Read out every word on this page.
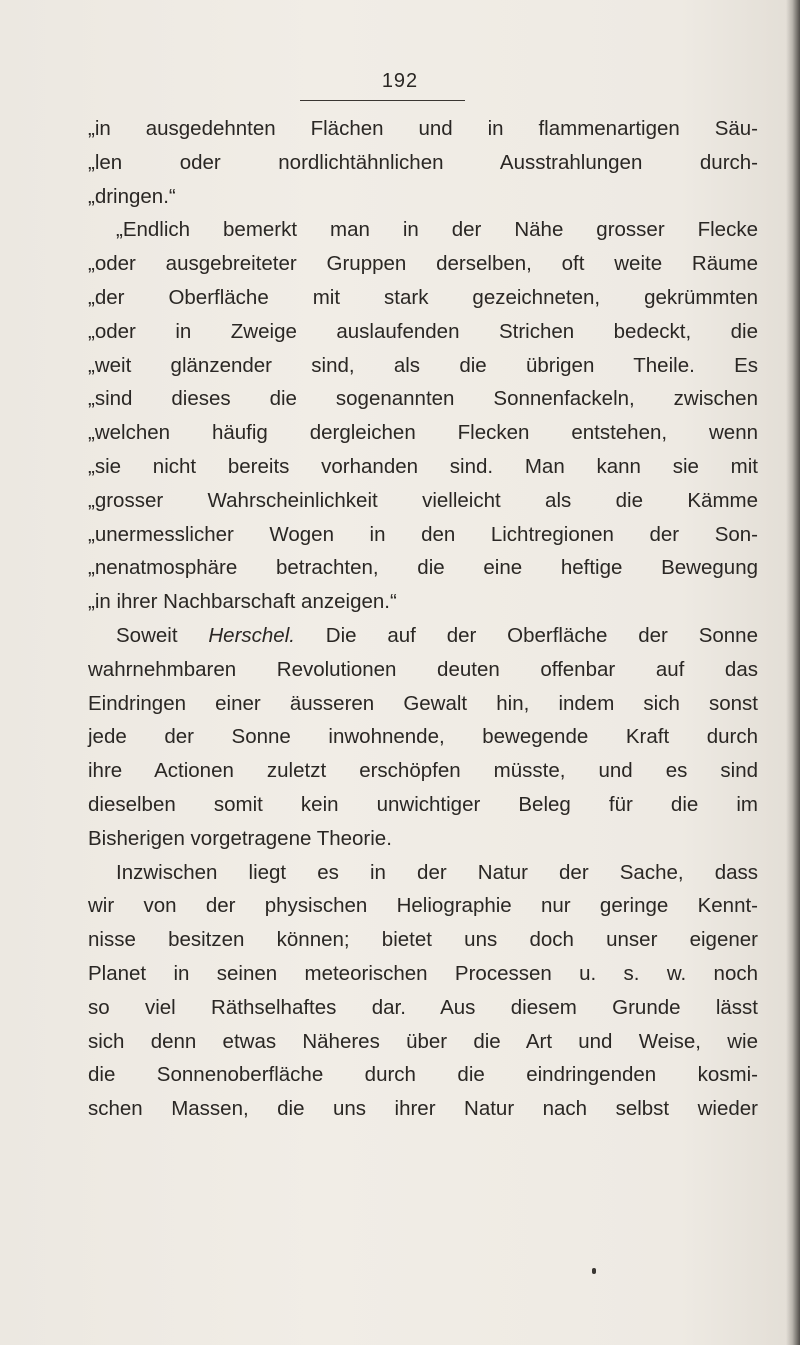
192
„in ausgedehnten Flächen und in flammenartigen Säu-
„len oder nordlichtähnlichen Ausstrahlungen durch-
„dringen.“
„Endlich bemerkt man in der Nähe grosser Flecke
„oder ausgebreiteter Gruppen derselben, oft weite Räume
„der Oberfläche mit stark gezeichneten, gekrümmten
„oder in Zweige auslaufenden Strichen bedeckt, die
„weit glänzender sind, als die übrigen Theile. Es
„sind dieses die sogenannten Sonnenfackeln, zwischen
„welchen häufig dergleichen Flecken entstehen, wenn
„sie nicht bereits vorhanden sind. Man kann sie mit
„grosser Wahrscheinlichkeit vielleicht als die Kämme
„unermesslicher Wogen in den Lichtregionen der Son-
„nenatmosphäre betrachten, die eine heftige Bewegung
„in ihrer Nachbarschaft anzeigen.“
Soweit Herschel. Die auf der Oberfläche der Sonne
wahrnehmbaren Revolutionen deuten offenbar auf das
Eindringen einer äusseren Gewalt hin, indem sich sonst
jede der Sonne inwohnende, bewegende Kraft durch
ihre Actionen zuletzt erschöpfen müsste, und es sind
dieselben somit kein unwichtiger Beleg für die im
Bisherigen vorgetragene Theorie.
Inzwischen liegt es in der Natur der Sache, dass
wir von der physischen Heliographie nur geringe Kennt-
nisse besitzen können; bietet uns doch unser eigener
Planet in seinen meteorischen Processen u. s. w. noch
so viel Räthselhaftes dar. Aus diesem Grunde lässt
sich denn etwas Näheres über die Art und Weise, wie
die Sonnenoberfläche durch die eindringenden kosmi-
schen Massen, die uns ihrer Natur nach selbst wieder
